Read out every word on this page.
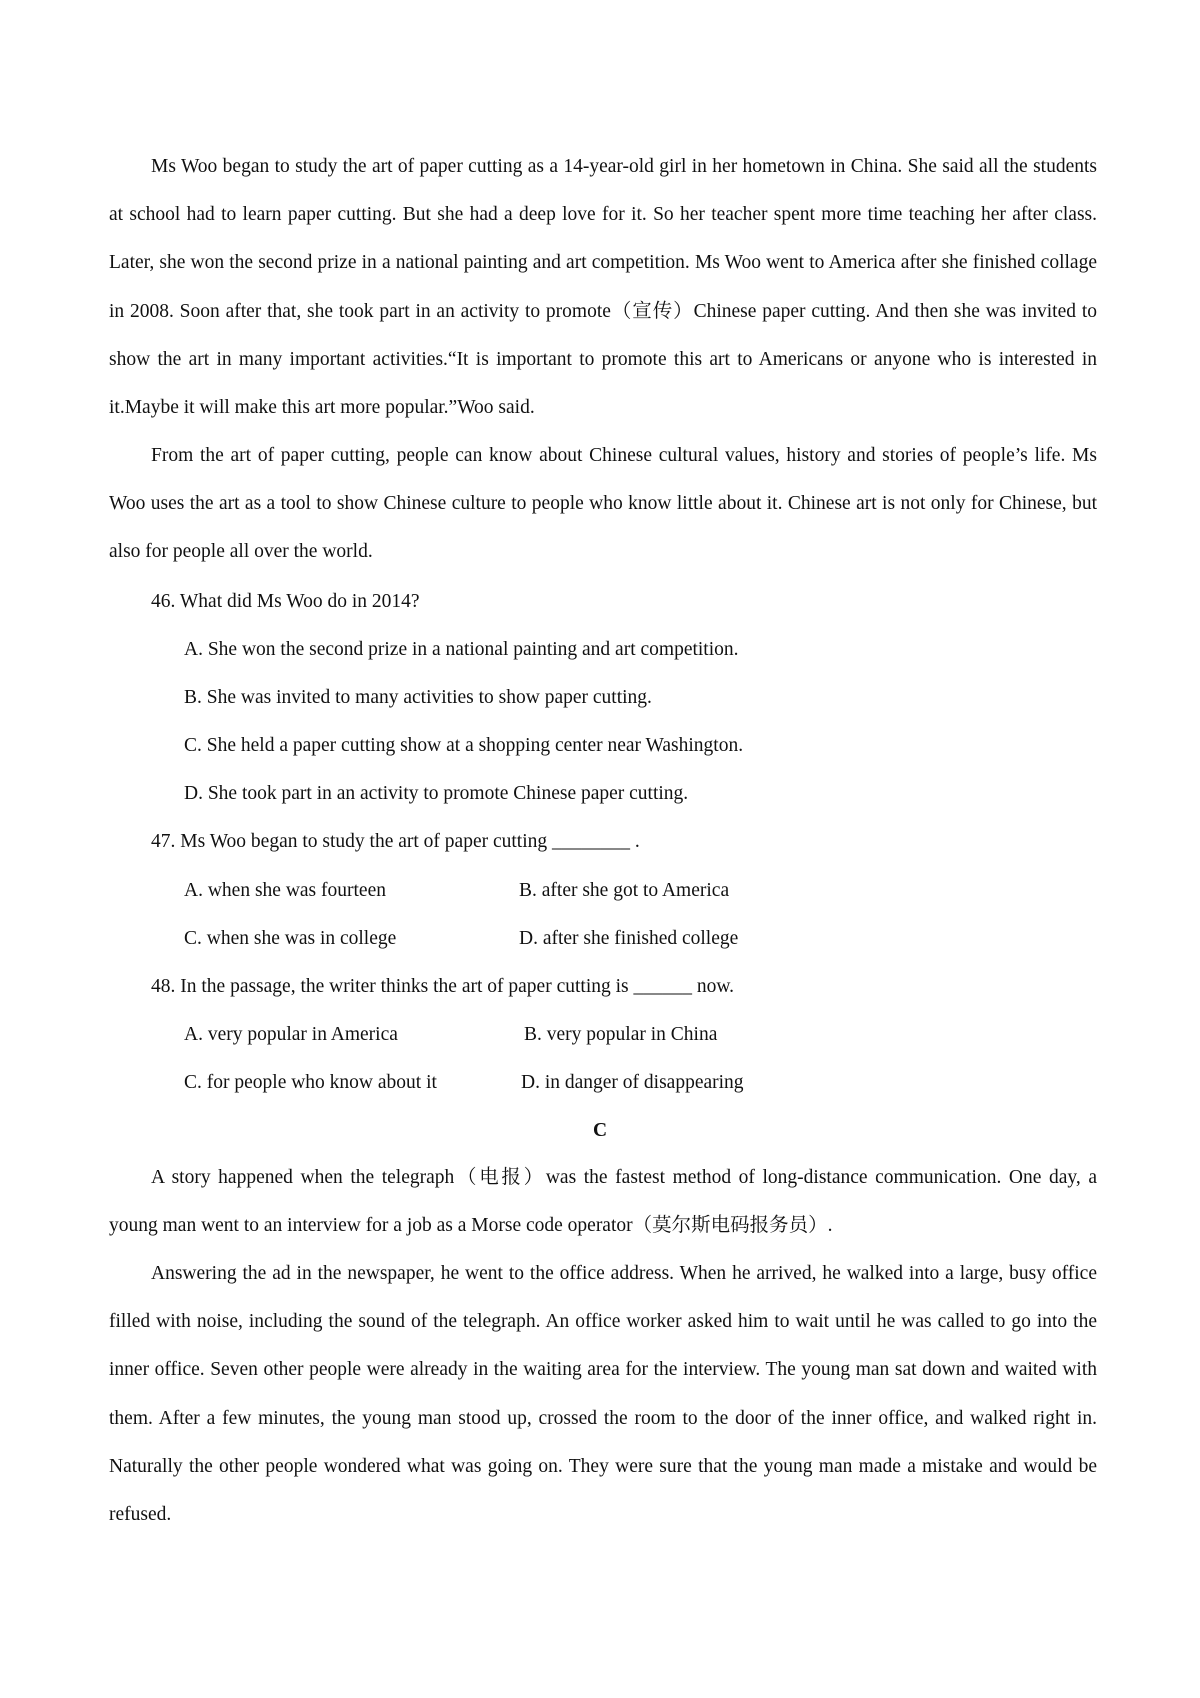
Ms Woo began to study the art of paper cutting as a 14-year-old girl in her hometown in China. She said all the students at school had to learn paper cutting. But she had a deep love for it. So her teacher spent more time teaching her after class. Later, she won the second prize in a national painting and art competition. Ms Woo went to America after she finished collage in 2008. Soon after that, she took part in an activity to promote（宣传）Chinese paper cutting. And then she was invited to show the art in many important activities.“It is important to promote this art to Americans or anyone who is interested in it.Maybe it will make this art more popular.”Woo said.

From the art of paper cutting, people can know about Chinese cultural values, history and stories of people’s life. Ms Woo uses the art as a tool to show Chinese culture to people who know little about it. Chinese art is not only for Chinese, but also for people all over the world.

46. What did Ms Woo do in 2014?
A. She won the second prize in a national painting and art competition.
B. She was invited to many activities to show paper cutting.
C. She held a paper cutting show at a shopping center near Washington.
D. She took part in an activity to promote Chinese paper cutting.
47. Ms Woo began to study the art of paper cutting ________ .
A. when she was fourteen	B. after she got to America
C. when she was in college	D. after she finished college
48. In the passage, the writer thinks the art of paper cutting is ______ now.
A. very popular in America	B. very popular in China
C. for people who know about it	D. in danger of disappearing
C

A story happened when the telegraph（电报）was the fastest method of long-distance communication. One day, a young man went to an interview for a job as a Morse code operator（莫尔斯电码报务员）.

Answering the ad in the newspaper, he went to the office address. When he arrived, he walked into a large, busy office filled with noise, including the sound of the telegraph. An office worker asked him to wait until he was called to go into the inner office. Seven other people were already in the waiting area for the interview. The young man sat down and waited with them. After a few minutes, the young man stood up, crossed the room to the door of the inner office, and walked right in. Naturally the other people wondered what was going on. They were sure that the young man made a mistake and would be refused.
